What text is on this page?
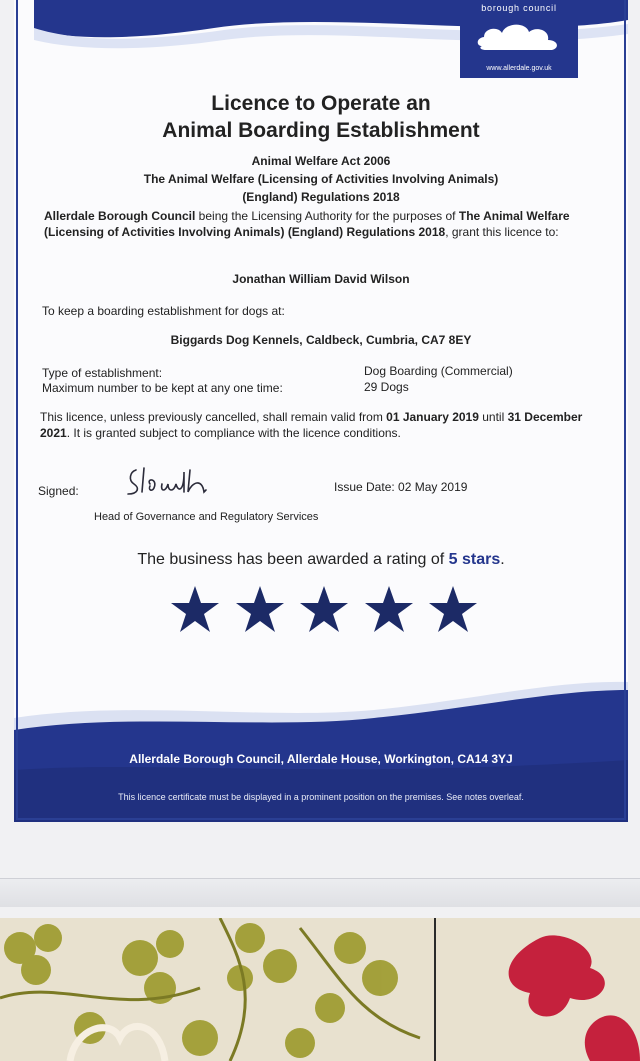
borough council
www.allerdale.gov.uk
Licence to Operate an
Animal Boarding Establishment
Animal Welfare Act 2006
The Animal Welfare (Licensing of Activities Involving Animals)
(England) Regulations 2018
Allerdale Borough Council being the Licensing Authority for the purposes of The Animal Welfare (Licensing of Activities Involving Animals) (England) Regulations 2018, grant this licence to:
Jonathan William David Wilson
To keep a boarding establishment for dogs at:
Biggards Dog Kennels, Caldbeck, Cumbria, CA7 8EY
Type of establishment:	Dog Boarding (Commercial)
Maximum number to be kept at any one time:	29 Dogs
This licence, unless previously cancelled, shall remain valid from 01 January 2019 until 31 December 2021. It is granted subject to compliance with the licence conditions.
Signed:
Head of Governance and Regulatory Services
Issue Date: 02 May 2019
The business has been awarded a rating of 5 stars.
Allerdale Borough Council, Allerdale House, Workington, CA14 3YJ
This licence certificate must be displayed in a prominent position on the premises. See notes overleaf.
